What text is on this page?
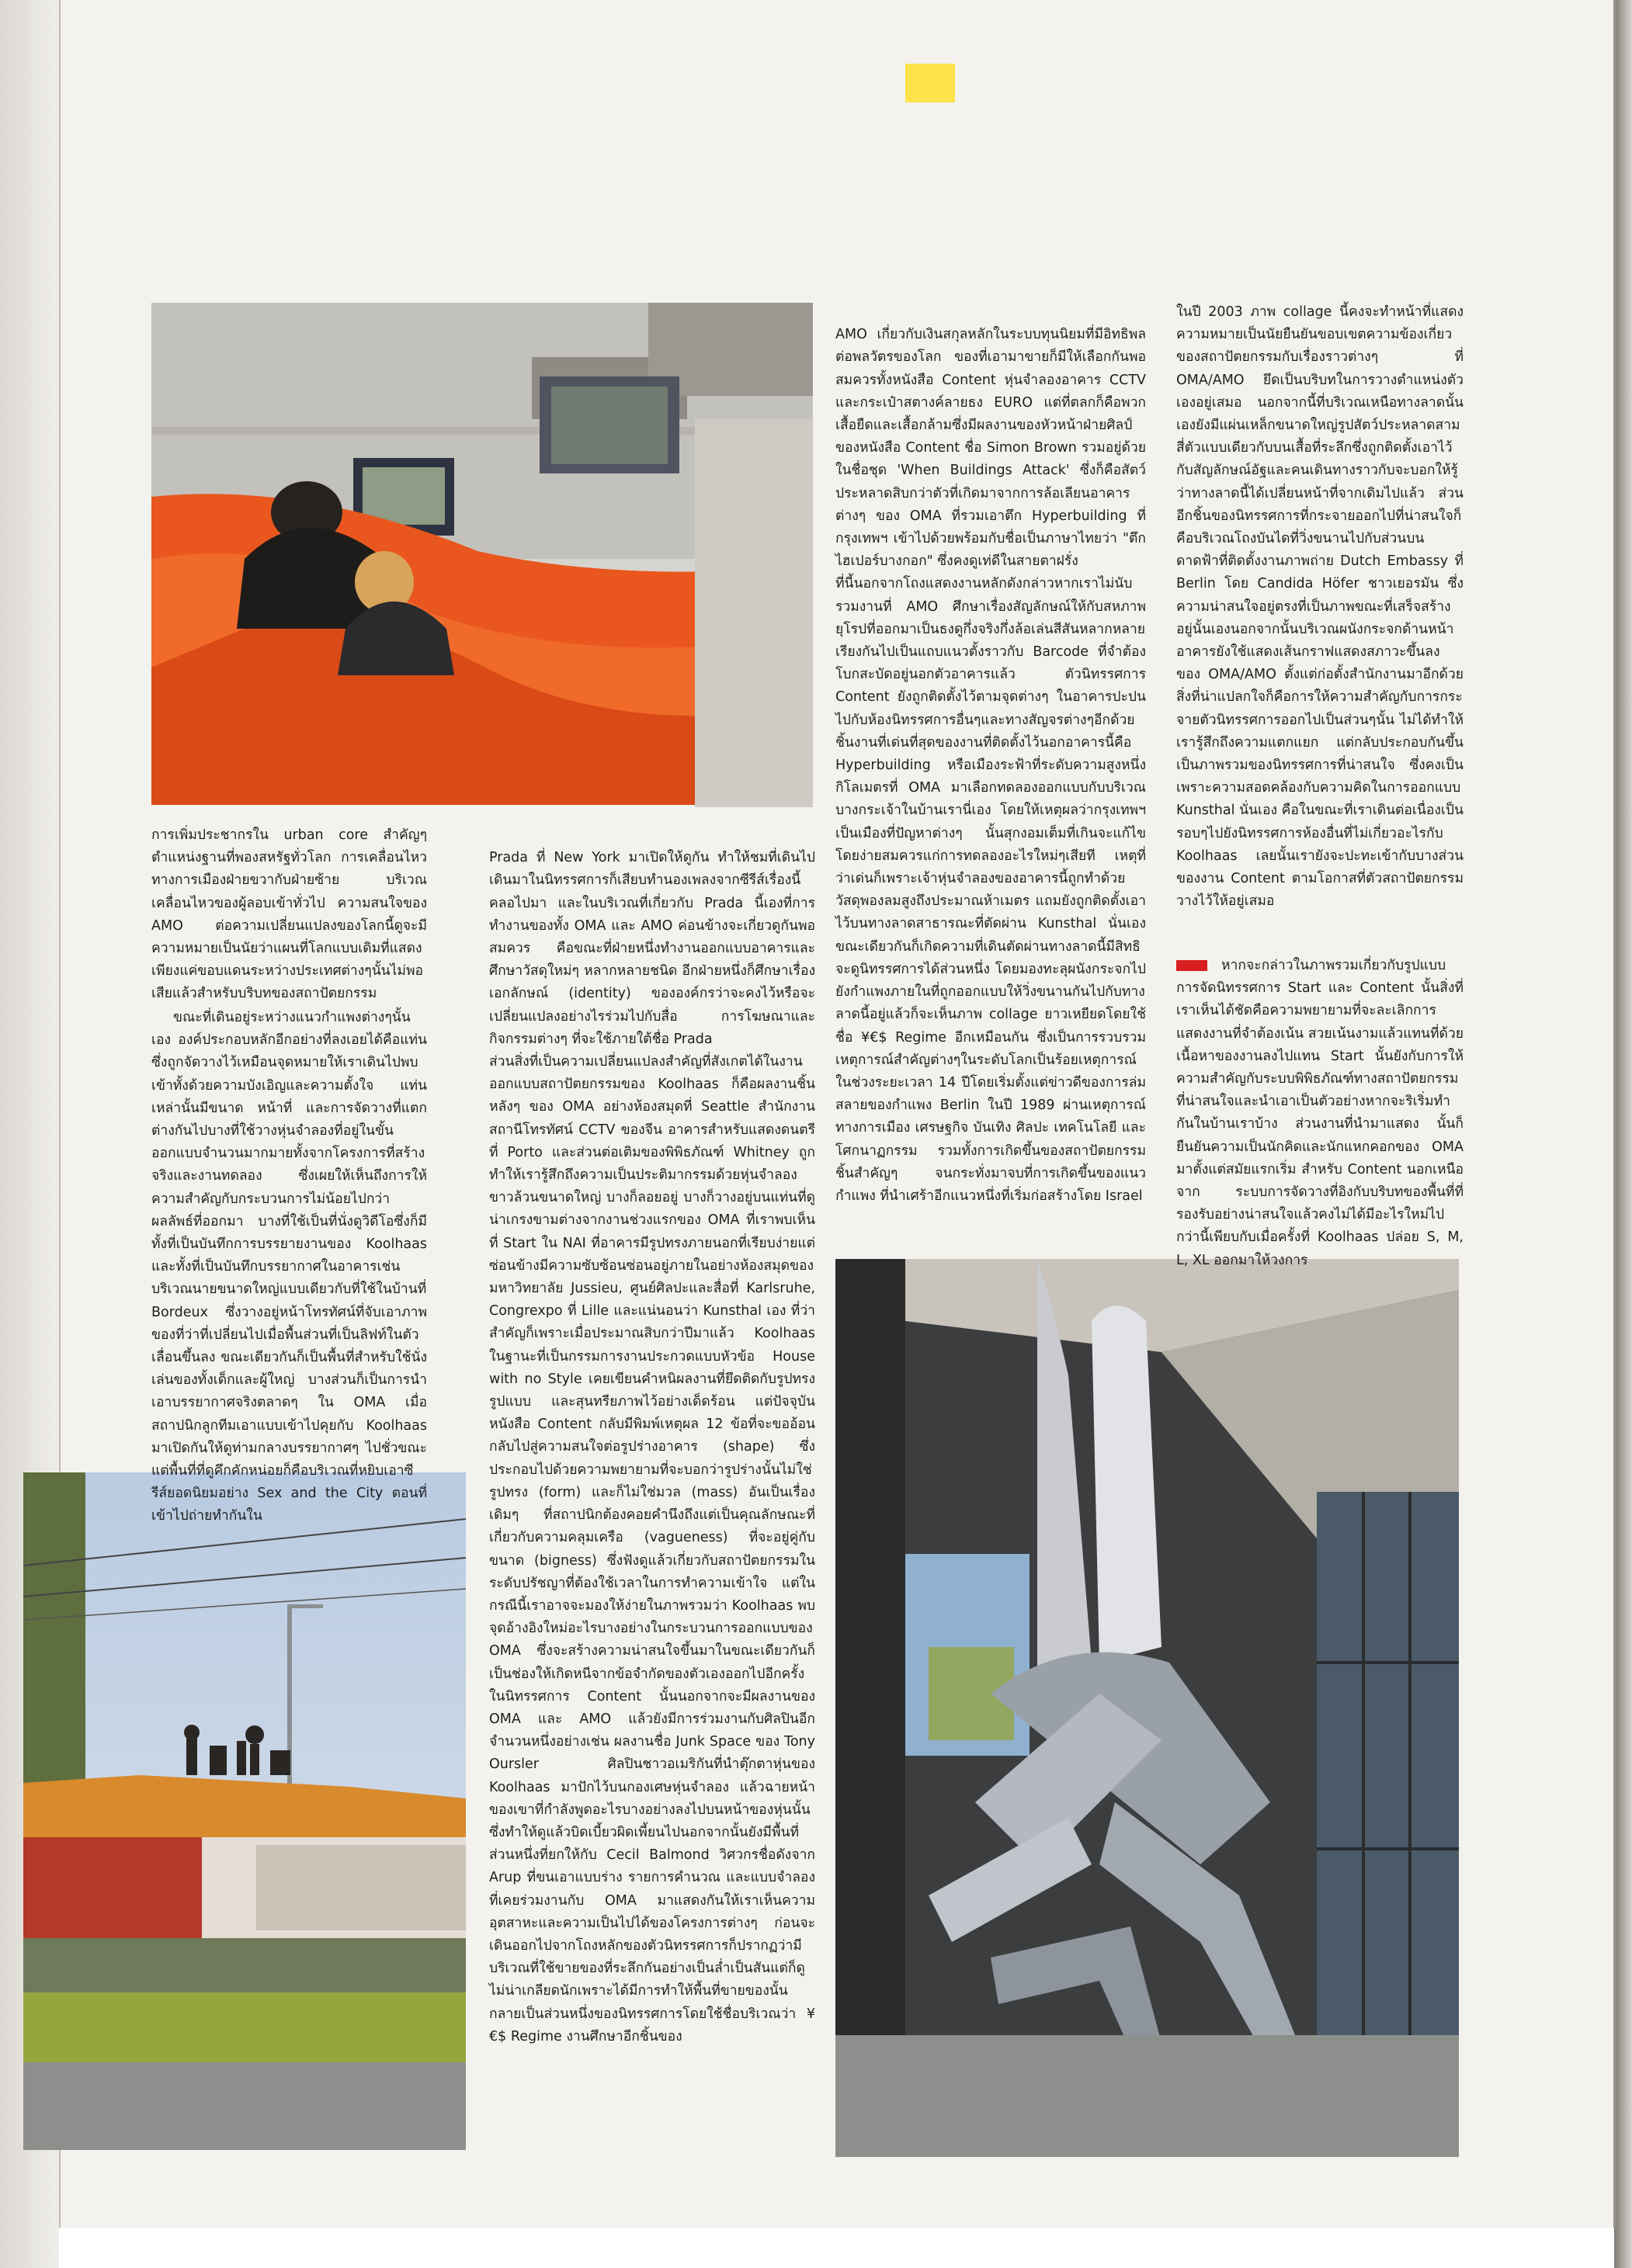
การเพิ่มประชากรใน urban core สำคัญๆ ตำแหน่งฐานที่พองสหรัฐทั่วโลก การเคลื่อนไหวทางการเมืองฝ่ายขวากับฝ่ายซ้าย บริเวณเคลื่อนไหวของผู้ลอบเข้าทั่วไป ความสนใจของ AMO ต่อความเปลี่ยนแปลงของโลกนี้ดูจะมีความหมายเป็นนัยว่าแผนที่โลกแบบเดิมที่แสดงเพียงแค่ขอบแดนระหว่างประเทศต่างๆนั้นไม่พอเสียแล้วสำหรับบริบทของสถาปัตยกรรม

ขณะที่เดินอยู่ระหว่างแนวกำแพงต่างๆนั้นเอง องค์ประกอบหลักอีกอย่างที่ลงเอยได้คือแท่นซึ่งถูกจัดวางไว้เหมือนจุดหมายให้เราเดินไปพบเข้าทั้งด้วยความบังเอิญและความตั้งใจ แท่นเหล่านั้นมีขนาด หน้าที่ และการจัดวางที่แตกต่างกันไปบางที่ใช้วางหุ่นจำลองที่อยู่ในขั้นออกแบบจำนวนมากมายทั้งจากโครงการที่สร้างจริงและงานทดลอง ซึ่งเผยให้เห็นถึงการให้ความสำคัญกับกระบวนการไม่น้อยไปกว่าผลลัพธ์ที่ออกมา บางที่ใช้เป็นที่นั่งดูวิดีโอซึ่งก็มีทั้งที่เป็นบันทึกการบรรยายงานของ Koolhaas และทั้งที่เป็นบันทึกบรรยากาศในอาคารเช่น บริเวณนายขนาดใหญ่แบบเดียวกับที่ใช้ในบ้านที่ Bordeux ซึ่งวางอยู่หน้าโทรทัศน์ที่จับเอาภาพของที่ว่าที่เปลี่ยนไปเมื่อพื้นส่วนที่เป็นลิฟท์ในตัวเลื่อนขึ้นลง ขณะเดียวกันก็เป็นพื้นที่สำหรับใช้นั่งเล่นของทั้งเด็กและผู้ใหญ่ บางส่วนก็เป็นการนำเอาบรรยากาศจริงตลาดๆ ใน OMA เมื่อสถาปนิกลูกทีมเอาแบบเข้าไปคุยกับ Koolhaas มาเปิดกันให้ดูท่ามกลางบรรยากาศๆ ไปชั่วขณะ แต่พื้นที่ที่ดูคึกคักหน่อยก็คือบริเวณที่หยิบเอาซีรีส์ยอดนิยมอย่าง Sex and the City ตอนที่เข้าไปถ่ายทำกันใน

AMO เกี่ยวกับเงินสกุลหลักในระบบทุนนิยมที่มีอิทธิพลต่อพลวัตรของโลก ของที่เอามาขายก็มีให้เลือกกันพอสมควรทั้งหนังสือ Content หุ่นจำลองอาคาร CCTV และกระเป๋าสตางค์ลายธง EURO แต่ที่ตลกก็คือพวกเสื้อยืดและเสื้อกล้ามซึ่งมีผลงานของหัวหน้าฝ่ายศิลป์ของหนังสือ Content ชื่อ Simon Brown รวมอยู่ด้วยในชื่อชุด 'When Buildings Attack' ซึ่งก็คือสัตว์ประหลาดสิบกว่าตัวที่เกิดมาจากการล้อเลียนอาคารต่างๆ ของ OMA ที่รวมเอาตึก Hyperbuilding ที่กรุงเทพฯ เข้าไปด้วยพร้อมกับชื่อเป็นภาษาไทยว่า "ตึกไฮเปอร์บางกอก" ซึ่งคงดูเท่ดีในสายตาฝรั่ง
ที่นี้นอกจากโถงแสดงงานหลักดังกล่าวหากเราไม่นับรวมงานที่ AMO ศึกษาเรื่องสัญลักษณ์ให้กับสหภาพยุโรปที่ออกมาเป็นธงดูกึ่งจริงกึ่งล้อเล่นสีสันหลากหลายเรียงกันไปเป็นแถบแนวตั้งราวกับ Barcode ที่จำต้องโบกสะบัดอยู่นอกตัวอาคารแล้ว ตัวนิทรรศการ Content ยังถูกติดตั้งไว้ตามจุดต่างๆ ในอาคารปะปนไปกับห้องนิทรรศการอื่นๆและทางสัญจรต่างๆอีกด้วย ชิ้นงานที่เด่นที่สุดของงานที่ติดตั้งไว้นอกอาคารนี้คือ Hyperbuilding หรือเมืองระฟ้าที่ระดับความสูงหนึ่งกิโลเมตรที่ OMA มาเลือกทดลองออกแบบกับบริเวณบางกระเจ้าในบ้านเรานี่เอง โดยให้เหตุผลว่ากรุงเทพฯเป็นเมืองที่ปัญหาต่างๆ นั้นสุกงอมเต็มที่เกินจะแก้ไขโดยง่ายสมควรแก่การทดลองอะไรใหม่ๆเสียที เหตุที่ว่าเด่นก็เพราะเจ้าหุ่นจำลองของอาคารนี้ถูกทำด้วยวัสดุพองลมสูงถึงประมาณห้าเมตร แถมยังถูกติดตั้งเอาไว้บนทางลาดสาธารณะที่ตัดผ่าน Kunsthal นั่นเองขณะเดียวกันก็เกิดความที่เดินตัดผ่านทางลาดนี้มีสิทธิจะดูนิทรรศการได้ส่วนหนึ่ง โดยมองทะลุผนังกระจกไปยังกำแพงภายในที่ถูกออกแบบให้วิ่งขนานกันไปกับทางลาดนี้อยู่แล้วก็จะเห็นภาพ collage ยาวเหยียดโดยใช้ชื่อ ¥€$ Regime อีกเหมือนกัน ซึ่งเป็นการรวบรวมเหตุการณ์สำคัญต่างๆในระดับโลกเป็นร้อยเหตุการณ์ในช่วงระยะเวลา 14 ปีโดยเริ่มตั้งแต่ข่าวดีของการล่มสลายของกำแพง Berlin ในปี 1989 ผ่านเหตุการณ์ทางการเมือง เศรษฐกิจ บันเทิง ศิลปะ เทคโนโลยี และโศกนาฏกรรม รวมทั้งการเกิดขึ้นของสถาปัตยกรรมชิ้นสำคัญๆ จนกระทั่งมาจบที่การเกิดขึ้นของแนวกำแพง ที่นำเศร้าอีกแนวหนึ่งที่เริ่มก่อสร้างโดย Israel

Prada ที่ New York มาเปิดให้ดูกัน ทำให้ชมที่เดินไปเดินมาในนิทรรศการก็เสียบทำนองเพลงจากซีรีส์เรื่องนี้คลอไปมา และในบริเวณที่เกี่ยวกับ Prada นี้เองที่การทำงานของทั้ง OMA และ AMO ค่อนข้างจะเกี่ยวดูกันพอสมควร คือขณะที่ฝ่ายหนึ่งทำงานออกแบบอาคารและศึกษาวัสดุใหม่ๆ หลากหลายชนิด อีกฝ่ายหนึ่งก็ศึกษาเรื่องเอกลักษณ์ (identity) ขององค์กรว่าจะคงไว้หรือจะเปลี่ยนแปลงอย่างไรร่วมไปกับสื่อ การโฆษณาและกิจกรรมต่างๆ ที่จะใช้ภายใต้ชื่อ Prada
ส่วนสิ่งที่เป็นความเปลี่ยนแปลงสำคัญที่สังเกตได้ในงานออกแบบสถาปัตยกรรมของ Koolhaas ก็คือผลงานชิ้นหลังๆ ของ OMA อย่างห้องสมุดที่ Seattle สำนักงานสถานีโทรทัศน์ CCTV ของจีน อาคารสำหรับแสดงดนตรีที่ Porto และส่วนต่อเติมของพิพิธภัณฑ์ Whitney ถูกทำให้เรารู้สึกถึงความเป็นประติมากรรมด้วยหุ่นจำลองขาวล้วนขนาดใหญ่ บางก็ลอยอยู่ บางก็วางอยู่บนแท่นที่ดูน่าเกรงขามต่างจากงานช่วงแรกของ OMA ที่เราพบเห็นที่ Start ใน NAI ที่อาคารมีรูปทรงภายนอกที่เรียบง่ายแต่ซ่อนข้างมีความซับซ้อนซ่อนอยู่ภายในอย่างห้องสมุดของมหาวิทยาลัย Jussieu, ศูนย์ศิลปะและสื่อที่ Karlsruhe, Congrexpo ที่ Lille และแน่นอนว่า Kunsthal เอง ที่ว่าสำคัญก็เพราะเมื่อประมาณสิบกว่าปีมาแล้ว Koolhaas ในฐานะที่เป็นกรรมการงานประกวดแบบหัวข้อ House with no Style เคยเขียนคำหนิผลงานที่ยึดติดกับรูปทรง รูปแบบ และสุนทรียภาพไว้อย่างเด็ดร้อน แต่ปัจจุบันหนังสือ Content กลับมีพิมพ์เหตุผล 12 ข้อที่จะขออ้อนกลับไปสู่ความสนใจต่อรูปร่างอาคาร (shape) ซึ่งประกอบไปด้วยความพยายามที่จะบอกว่ารูปร่างนั้นไม่ใช่รูปทรง (form) และก็ไม่ใช่มวล (mass) อันเป็นเรื่องเดิมๆ ที่สถาปนิกต้องคอยคำนึงถึงแต่เป็นคุณลักษณะที่เกี่ยวกับความคลุมเครือ (vagueness) ที่จะอยู่คู่กับขนาด (bigness) ซึ่งฟังดูแล้วเกี่ยวกับสถาปัตยกรรมในระดับปรัชญาที่ต้องใช้เวลาในการทำความเข้าใจ แต่ในกรณีนี้เราอาจจะมองให้ง่ายในภาพรวมว่า Koolhaas พบจุดอ้างอิงใหม่อะไรบางอย่างในกระบวนการออกแบบของ OMA ซึ่งจะสร้างความน่าสนใจขึ้นมาในขณะเดียวกันก็เป็นช่องให้เกิดหนีจากข้อจำกัดของตัวเองออกไปอีกครั้ง
ในนิทรรศการ Content นั้นนอกจากจะมีผลงานของ OMA และ AMO แล้วยังมีการร่วมงานกับศิลปินอีกจำนวนหนึ่งอย่างเช่น ผลงานชื่อ Junk Space ของ Tony Oursler ศิลปินชาวอเมริกันที่นำตุ๊กตาหุ่นของ Koolhaas มาปักไว้บนกองเศษหุ่นจำลอง แล้วฉายหน้าของเขาที่กำลังพูดอะไรบางอย่างลงไปบนหน้าของหุ่นนั้นซึ่งทำให้ดูแล้วบิดเบี้ยวผิดเพี้ยนไปนอกจากนั้นยังมีพื้นที่ส่วนหนึ่งที่ยกให้กับ Cecil Balmond วิศวกรชื่อดังจาก Arup ที่ขนเอาแบบร่าง รายการคำนวณ และแบบจำลองที่เคยร่วมงานกับ OMA มาแสดงกันให้เราเห็นความอุตสาหะและความเป็นไปได้ของโครงการต่างๆ ก่อนจะเดินออกไปจากโถงหลักของตัวนิทรรศการก็ปรากฏว่ามีบริเวณที่ใช้ขายของที่ระลึกกันอย่างเป็นล่ำเป็นสันแต่ก็ดูไม่น่าเกลียดนักเพราะได้มีการทำให้พื้นที่ขายของนั้นกลายเป็นส่วนหนึ่งของนิทรรศการโดยใช้ชื่อบริเวณว่า ¥€$ Regime งานศึกษาอีกชิ้นของ

ในปี 2003 ภาพ collage นี้คงจะทำหน้าที่แสดงความหมายเป็นนัยยืนยันขอบเขตความข้องเกี่ยวของสถาปัตยกรรมกับเรื่องราวต่างๆ ที่ OMA/AMO ยึดเป็นบริบทในการวางตำแหน่งตัวเองอยู่เสมอ นอกจากนี้ที่บริเวณเหนือทางลาดนั้นเองยังมีแผ่นเหล็กขนาดใหญ่รูปสัตว์ประหลาดสามสี่ตัวแบบเดียวกับบนเสื้อที่ระลึกซึ่งถูกติดตั้งเอาไว้กับสัญลักษณ์อัฐและคนเดินทางราวกับจะบอกให้รู้ว่าทางลาดนี้ได้เปลี่ยนหน้าที่จากเดิมไปแล้ว ส่วนอีกชิ้นของนิทรรศการที่กระจายออกไปที่น่าสนใจก็คือบริเวณโถงบันไดที่วิ่งขนานไปกับส่วนบนดาดฟ้าที่ติดตั้งงานภาพถ่าย Dutch Embassy ที่ Berlin โดย Candida Höfer ชาวเยอรมัน ซึ่งความน่าสนใจอยู่ตรงที่เป็นภาพขณะที่เสร็จสร้างอยู่นั้นเองนอกจากนั้นบริเวณผนังกระจกด้านหน้าอาคารยังใช้แสดงเส้นกราฟแสดงสภาวะขึ้นลงของ OMA/AMO ตั้งแต่ก่อตั้งสำนักงานมาอีกด้วย สิ่งที่น่าแปลกใจก็คือการให้ความสำคัญกับการกระจายตัวนิทรรศการออกไปเป็นส่วนๆนั้น ไม่ได้ทำให้เรารู้สึกถึงความแตกแยก แต่กลับประกอบกันขึ้นเป็นภาพรวมของนิทรรศการที่น่าสนใจ ซึ่งคงเป็นเพราะความสอดคล้องกับความคิดในการออกแบบ Kunsthal นั่นเอง คือในขณะที่เราเดินต่อเนื่องเป็นรอบๆไปยังนิทรรศการห้องอื่นที่ไม่เกี่ยวอะไรกับ Koolhaas เลยนั้นเรายังจะปะทะเข้ากับบางส่วนของงาน Content ตามโอกาสที่ตัวสถาปัตยกรรมวางไว้ให้อยู่เสมอ

หากจะกล่าวในภาพรวมเกี่ยวกับรูปแบบการจัดนิทรรศการ Start และ Content นั้นสิ่งที่เราเห็นได้ชัดคือความพยายามที่จะละเลิกการแสดงงานที่จำต้องเน้น สวยเน้นงามแล้วแทนที่ด้วยเนื้อหาของงานลงไปแทน Start นั้นยังกับการให้ความสำคัญกับระบบพิพิธภัณฑ์ทางสถาปัตยกรรมที่น่าสนใจและนำเอาเป็นตัวอย่างหากจะริเริ่มทำกันในบ้านเราบ้าง ส่วนงานที่นำมาแสดง นั้นก็ยืนยันความเป็นนักคิดและนักแหกคอกของ OMA มาตั้งแต่สมัยแรกเริ่ม สำหรับ Content นอกเหนือจาก ระบบการจัดวางที่อิงกับบริบทของพื้นที่ที่รองรับอย่างน่าสนใจแล้วคงไม่ได้มีอะไรใหม่ไปกว่านี้เพียบกับเมื่อครั้งที่ Koolhaas ปล่อย S, M, L, XL ออกมาให้วงการ
